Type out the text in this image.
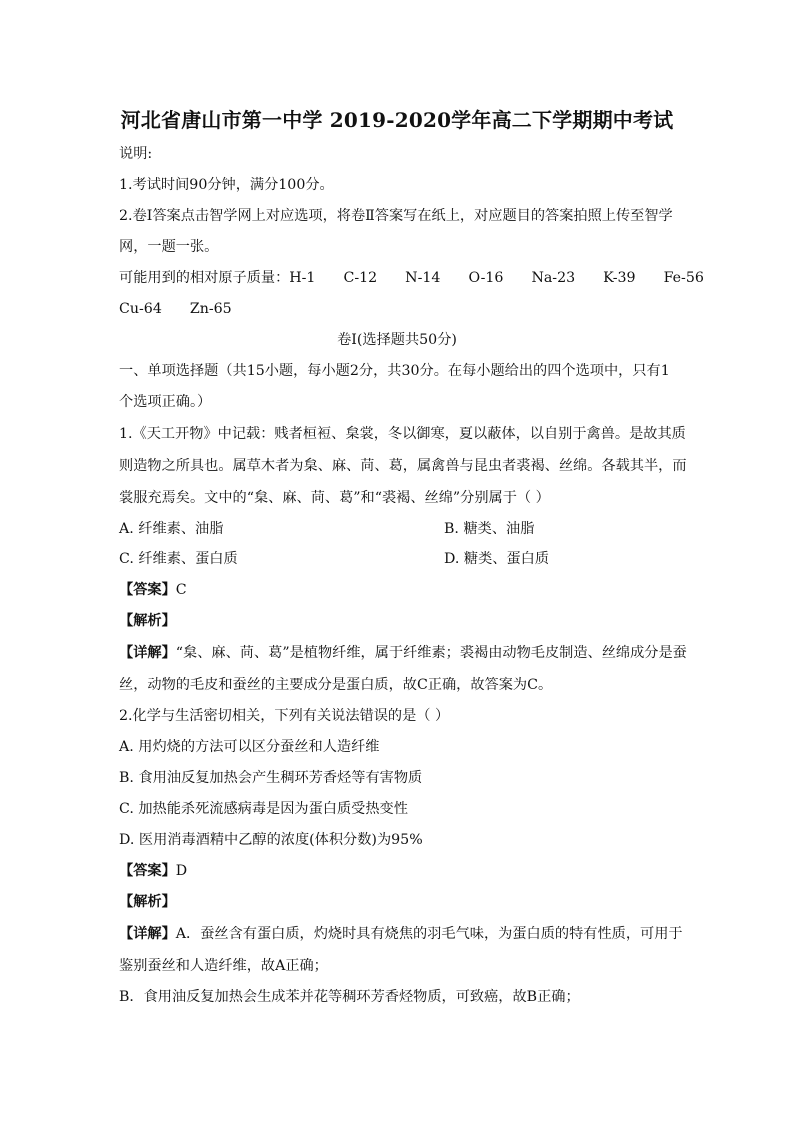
河北省唐山市第一中学 2019-2020学年高二下学期期中考试
说明:
1.考试时间90分钟，满分100分。
2.卷Ⅰ答案点击智学网上对应选项，将卷Ⅱ答案写在纸上，对应题目的答案拍照上传至智学
网，一题一张。
可能用到的相对原子质量：H-1 C-12 N-14 O-16 Na-23 K-39 Fe-56
Cu-64 Zn-65
卷Ⅰ(选择题共50分)
一、单项选择题（共15小题，每小题2分，共30分。在每小题给出的四个选项中，只有1
个选项正确。）
1.《天工开物》中记载：贱者桓裋、枲裳，冬以御寒，夏以蔽体，以自别于禽兽。是故其质
则造物之所具也。属草木者为枲、麻、苘、葛，属禽兽与昆虫者裘褐、丝绵。各载其半，而
裳服充焉矣。文中的“枲、麻、苘、葛”和“裘褐、丝绵”分别属于（ ）
A. 纤维素、油脂	B. 糖类、油脂
C. 纤维素、蛋白质	D. 糖类、蛋白质
【答案】C
【解析】
【详解】“枲、麻、苘、葛”是植物纤维，属于纤维素；裘褐由动物毛皮制造、丝绵成分是蚕
丝，动物的毛皮和蚕丝的主要成分是蛋白质，故C正确，故答案为C。
2.化学与生活密切相关，下列有关说法错误的是（ ）
A. 用灼烧的方法可以区分蚕丝和人造纤维
B. 食用油反复加热会产生稠环芳香烃等有害物质
C. 加热能杀死流感病毒是因为蛋白质受热变性
D. 医用消毒酒精中乙醇的浓度(体积分数)为95%
【答案】D
【解析】
【详解】A．蚕丝含有蛋白质，灼烧时具有烧焦的羽毛气味，为蛋白质的特有性质，可用于
鉴别蚕丝和人造纤维，故A正确；
B．食用油反复加热会生成苯并花等稠环芳香烃物质，可致癌，故B正确；
